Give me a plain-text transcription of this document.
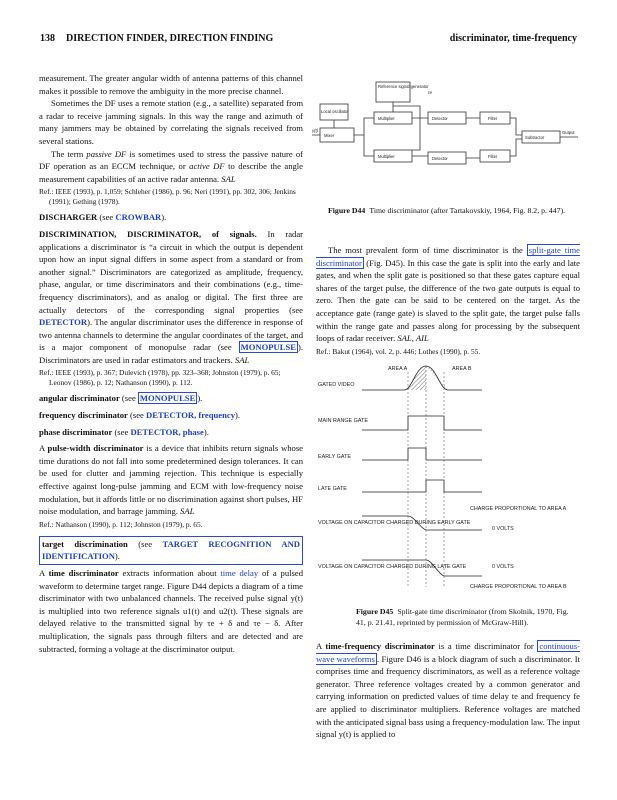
138 DIRECTION FINDER, DIRECTION FINDING	discriminator, time-frequency

measurement. The greater angular width of antenna patterns of this channel makes it possible to remove the ambiguity in the more precise channel.

Sometimes the DF uses a remote station (e.g., a satellite) separated from a radar to receive jamming signals. In this way the range and azimuth of many jammers may be obtained by correlating the signals received from several stations.

The term passive DF is sometimes used to stress the passive nature of DF operation as an ECCM technique, or active DF to describe the angle measurement capabilities of an active radar antenna. SAL

Ref.: IEEE (1993), p. 1,059; Schleher (1986), p. 96; Neri (1991), pp. 302, 306; Jenkins (1991); Gething (1978).

DISCHARGER (see CROWBAR).

DISCRIMINATION, DISCRIMINATOR, of signals. In radar applications a discriminator is “a circuit in which the output is dependent upon how an input signal differs in some aspect from a standard or from another signal.” Discriminators are categorized as amplitude, frequency, phase, angular, or time discriminators and their combinations (e.g., time-frequency discriminators), and as analog or digital. The first three are actually detectors of the corresponding signal properties (see DETECTOR). The angular discriminator uses the difference in response of two antenna channels to determine the angular coordinates of the target, and is a major component of monopulse radar (see MONOPULSE ). Discriminators are used in radar estimators and trackers. SAL

Ref.: IEEE (1993), p. 367; Dulevich (1978), pp. 323–368; Johnston (1979), p. 65; Leonov (1986), p. 12; Nathanson (1990), p. 112.

angular discriminator (see MONOPULSE ).

frequency discriminator (see DETECTOR, frequency).

phase discriminator (see DETECTOR, phase).

A pulse-width discriminator is a device that inhibits return signals whose time durations do not fall into some predetermined design tolerances. It can be used for clutter and jamming rejection. This technique is especially effective against long-pulse jamming and ECM with low-frequency noise modulation, but it affords little or no discrimination against short pulses, HF noise modulation, and barrage jamming. SAL

Ref.: Nathanson (1990), p. 112; Johnston (1979), p. 65.

target discrimination (see TARGET RECOGNITION AND IDENTIFICATION).

A time discriminator extracts information about time delay of a pulsed waveform to determine target range. Figure D44 depicts a diagram of a time discriminator with two unbalanced channels. The received pulse signal y(t) is multiplied into two reference signals u1(t) and u2(t). These signals are delayed relative to the transmitted signal by τe + δ and τe − δ. After multiplication, the signals pass through filters and are detected and are subtracted, forming a voltage at the discriminator output.

Reference signal generator
Local oscillator
Mixer
Multiplier	Detector	Filter
Multiplier	Detector	Filter
Subtractor
Output
y(t)
τe
Figure D44 Time discriminator (after Tartakovskiy, 1964, Fig. 8.2, p. 447).

The most prevalent form of time discriminator is the split-gate time discriminator (Fig. D45). In this case the gate is split into the early and late gates, and when the split gate is positioned so that these gates capture equal shares of the target pulse, the difference of the two gate outputs is equal to zero. Then the gate can be said to be centered on the target. As the acceptance gate (range gate) is slaved to the split gate, the target pulse falls within the range gate and passes along for processing by the subsequent loops of radar receiver. SAL, AIL

Ref.: Bakut (1964), vol. 2, p. 446; Lothes (1990), p. 55.

AREA A	AREA B
GATED VIDEO
MAIN RANGE GATE
EARLY GATE
LATE GATE
CHARGE PROPORTIONAL TO AREA A
VOLTAGE ON CAPACITOR CHARGED DURING EARLY GATE
0 VOLTS
VOLTAGE ON CAPACITOR CHARGED DURING LATE GATE	0 VOLTS
CHARGE PROPORTIONAL TO AREA B
Figure D45 Split-gate time discriminator (from Skolnik, 1970, Fig. 41, p. 21.41, reprinted by permission of McGraw-Hill).

A time-frequency discriminator is a time discriminator for continuous-wave waveforms . Figure D46 is a block diagram of such a discriminator. It comprises time and frequency discriminators, as well as a reference voltage generator. Three reference voltages created by a common generator and carrying information on predicted values of time delay te and frequency fe are applied to discriminator multipliers. Reference voltages are matched with the anticipated signal bass using a frequency-modulation law. The input signal y(t) is applied to
